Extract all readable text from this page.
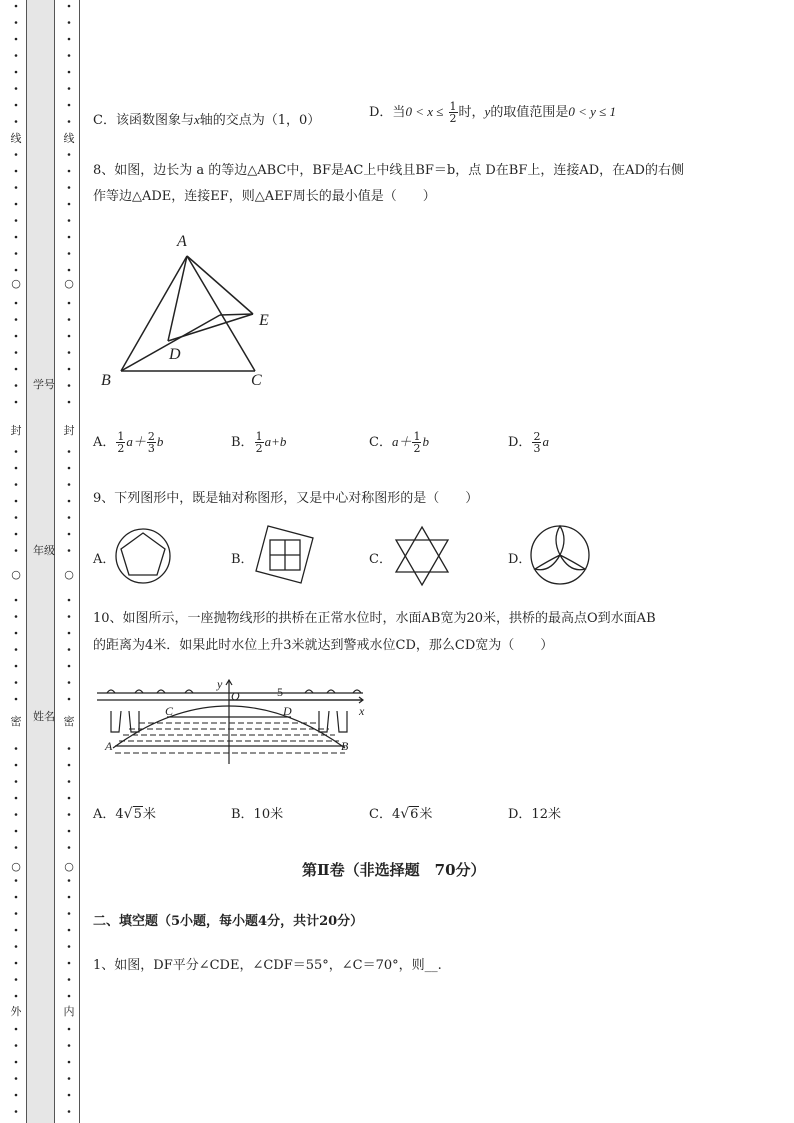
线
封
密
外
线
封
密
内
○	○
○	○
○	○
学号
年级
姓名
C．该函数图象与x轴的交点为（1，0）
D．当$0 < x \le \frac{1}{2}$ 时，y的取值范围是0 < y ≤ 1
8、如图，边长为 a 的等边△ABC中，BF是AC上中线且BF＝b，点 D在BF上，连接AD，在AD的右侧
作等边△ADE，连接EF，则△AEF周长的最小值是（　　）
A
B	C
D
E
A． $\frac{1}{2} a+ \frac{2}{3}$ b	B． $\frac{1}{2} a+b$	C．$a+ \frac{1}{2}$ b	D． $\frac{2}{3}$ a
9、下列图形中，既是轴对称图形，又是中心对称图形的是（　　）
A．	B．	C．	D．
10、如图所示，一座抛物线形的拱桥在正常水位时，水面AB宽为20米，拱桥的最高点O到水面AB
的距离为4米．如果此时水位上升3米就达到警戒水位CD，那么CD宽为（　　）
y
O
x
C	D
A	B
5
A．4√5米	B．10米	C．4√6米	D．12米
第Ⅱ卷（非选择题　70分）
二、填空题（5小题，每小题4分，共计20分）
1、如图，DF平分∠CDE，∠CDF＝55°，∠C＝70°，则__.
